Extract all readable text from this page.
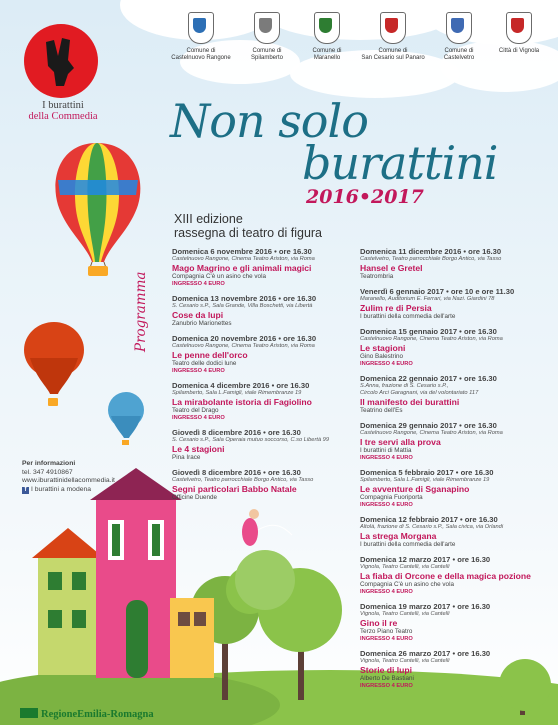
I burattini
della Commedia
Comune di
Castelnuovo Rangone
Comune di
Spilamberto
Comune di
Maranello
Comune di
San Cesario sul Panaro
Comune di
Castelvetro
Città di Vignola
Non solo
burattini
2016•2017
XIII edizione
rassegna di teatro di figura
Programma
Domenica 6 novembre 2016 • ore 16.30
Castelnuovo Rangone, Cinema Teatro Ariston, via Roma
Mago Magrino e gli animali magici
Compagnia C'è un asino che vola
INGRESSO 4 EURO
Domenica 13 novembre 2016 • ore 16.30
S. Cesario s.P., Sala Grande, Villa Boschetti, via Libertà
Cose da lupi
Zanubrio Marionettes
Domenica 20 novembre 2016 • ore 16.30
Castelnuovo Rangone, Cinema Teatro Ariston, via Roma
Le penne dell'orco
Teatro delle dodici lune
INGRESSO 4 EURO
Domenica 4 dicembre 2016 • ore 16.30
Spilamberto, Sala L.Famigli, viale Rimembranze 19
La mirabolante istoria di Fagiolino
Teatro del Drago
INGRESSO 4 EURO
Giovedì 8 dicembre 2016 • ore 16.30
S. Cesario s.P., Sala Operaia mutuo soccorso, C.so Libertà 99
Le 4 stagioni
Pina Irace
Giovedì 8 dicembre 2016 • ore 16.30
Castelvetro, Teatro parrocchiale Borgo Antico, via Tasso
Segni particolari Babbo Natale
Officine Duende
Domenica 11 dicembre 2016 • ore 16.30
Castelvetro, Teatro parrocchiale Borgo Antico, via Tasso
Hansel e Gretel
Teatrombria
Venerdì 6 gennaio 2017 • ore 10 e ore 11.30
Maranello, Auditorium E. Ferrari, via Nazi. Giardini 78
Zulim re di Persia
I burattini della commedia dell'arte
Domenica 15 gennaio 2017 • ore 16.30
Castelnuovo Rangone, Cinema Teatro Ariston, via Roma
Le stagioni
Gino Balestrino
INGRESSO 4 EURO
Domenica 22 gennaio 2017 • ore 16.30
S.Anna, frazione di S. Cesario s.P.,
Circolo Arci Garagnani, via del volontariato 117
Il manifesto dei burattini
Teatrino dell'Es
Domenica 29 gennaio 2017 • ore 16.30
Castelnuovo Rangone, Cinema Teatro Ariston, via Roma
I tre servi alla prova
I burattini di Mattia
INGRESSO 4 EURO
Domenica 5 febbraio 2017 • ore 16.30
Spilamberto, Sala L.Famigli, viale Rimembranze 19
Le avventure di Sganapino
Compagnia Fuoriporta
INGRESSO 4 EURO
Domenica 12 febbraio 2017 • ore 16.30
Altolà, frazione di S. Cesario s.P., Sala civica, via Orlandi
La strega Morgana
I burattini della commedia dell'arte
Domenica 12 marzo 2017 • ore 16.30
Vignola, Teatro Cantelli, via Cantelli
La fiaba di Orcone e della magica pozione
Compagnia C'è un asino che vola
INGRESSO 4 EURO
Domenica 19 marzo 2017 • ore 16.30
Vignola, Teatro Cantelli, via Cantelli
Gino il re
Terzo Piano Teatro
INGRESSO 4 EURO
Domenica 26 marzo 2017 • ore 16.30
Vignola, Teatro Cantelli, via Cantelli
Storie di lupi
Alberto De Bastiani
INGRESSO 4 EURO
Per informazioni
tel. 347 4910867
www.iburattinidellacommedia.it
f I burattini a modena
RegioneEmilia-Romagna
